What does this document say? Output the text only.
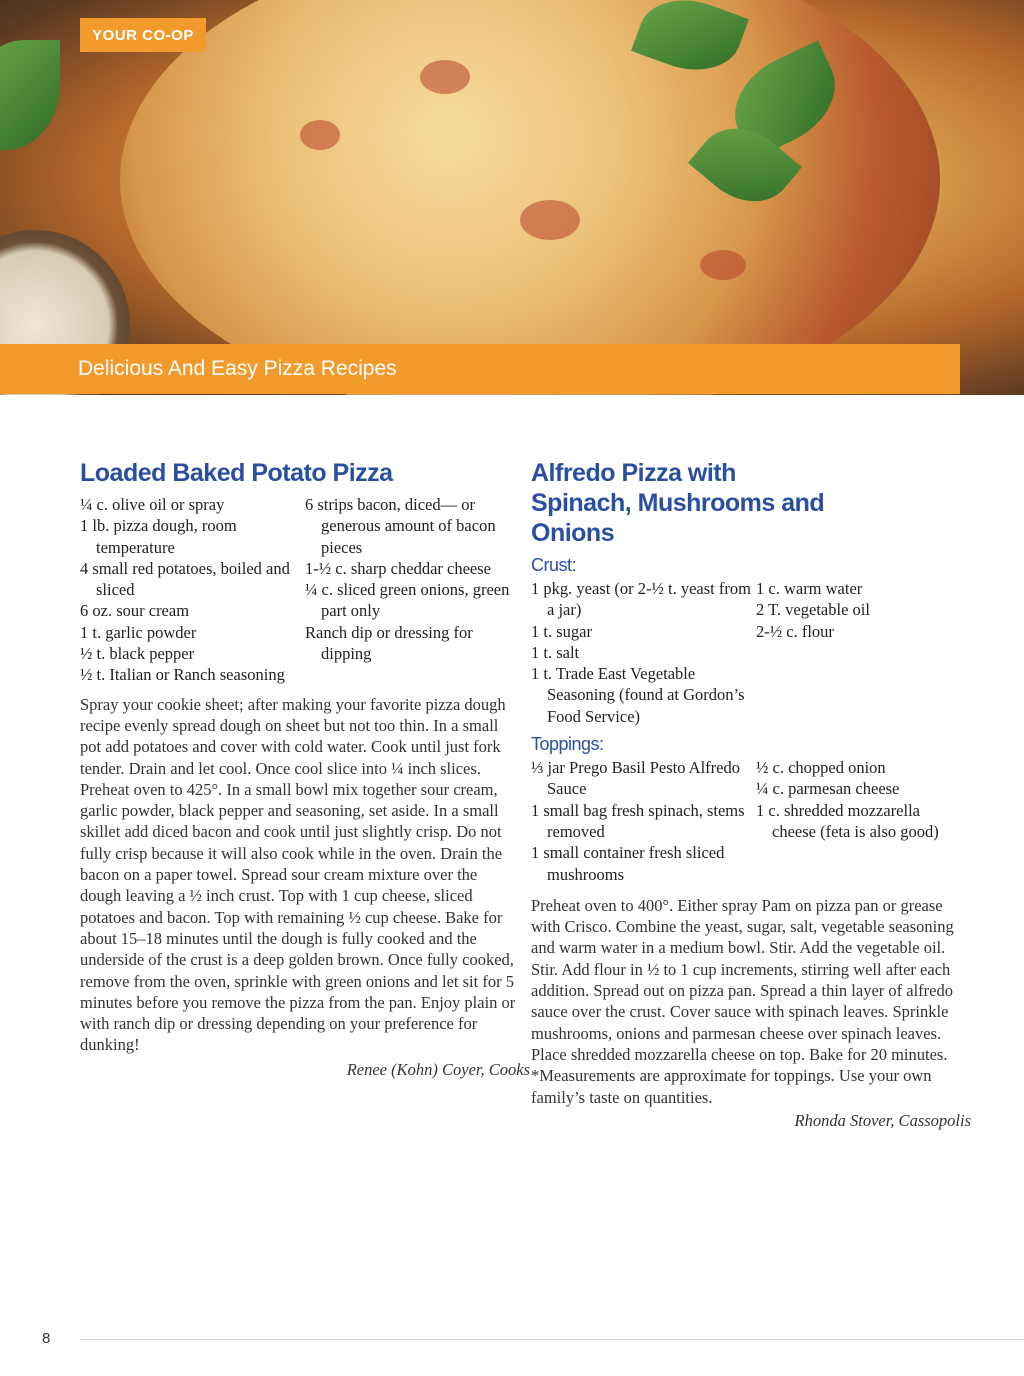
YOUR CO-OP
Delicious And Easy Pizza Recipes
Loaded Baked Potato Pizza
¼ c. olive oil or spray
1 lb. pizza dough, room temperature
4 small red potatoes, boiled and sliced
6 oz. sour cream
1 t. garlic powder
½ t. black pepper
½ t. Italian or Ranch seasoning
6 strips bacon, diced— or generous amount of bacon pieces
1-½ c. sharp cheddar cheese
¼ c. sliced green onions, green part only
Ranch dip or dressing for dipping

Spray your cookie sheet; after making your favorite pizza dough recipe evenly spread dough on sheet but not too thin. In a small pot add potatoes and cover with cold water. Cook until just fork tender. Drain and let cool. Once cool slice into ¼ inch slices. Preheat oven to 425°. In a small bowl mix together sour cream, garlic powder, black pepper and seasoning, set aside. In a small skillet add diced bacon and cook until just slightly crisp. Do not fully crisp because it will also cook while in the oven. Drain the bacon on a paper towel. Spread sour cream mixture over the dough leaving a ½ inch crust. Top with 1 cup cheese, sliced potatoes and bacon. Top with remaining ½ cup cheese. Bake for about 15–18 minutes until the dough is fully cooked and the underside of the crust is a deep golden brown. Once fully cooked, remove from the oven, sprinkle with green onions and let sit for 5 minutes before you remove the pizza from the pan. Enjoy plain or with ranch dip or dressing depending on your preference for dunking!

Renee (Kohn) Coyer, Cooks

Alfredo Pizza with Spinach, Mushrooms and Onions
Crust:
1 pkg. yeast (or 2-½ t. yeast from a jar)
1 t. sugar
1 t. salt
1 t. Trade East Vegetable Seasoning (found at Gordon’s Food Service)
1 c. warm water
2 T. vegetable oil
2-½ c. flour
Toppings:
⅓ jar Prego Basil Pesto Alfredo Sauce
1 small bag fresh spinach, stems removed
1 small container fresh sliced mushrooms
½ c. chopped onion
¼ c. parmesan cheese
1 c. shredded mozzarella cheese (feta is also good)

Preheat oven to 400°. Either spray Pam on pizza pan or grease with Crisco. Combine the yeast, sugar, salt, vegetable seasoning and warm water in a medium bowl. Stir. Add the vegetable oil. Stir. Add flour in ½ to 1 cup increments, stirring well after each addition. Spread out on pizza pan. Spread a thin layer of alfredo sauce over the crust. Cover sauce with spinach leaves. Sprinkle mushrooms, onions and parmesan cheese over spinach leaves. Place shredded mozzarella cheese on top. Bake for 20 minutes. *Measurements are approximate for toppings. Use your own family’s taste on quantities.

Rhonda Stover, Cassopolis

8
